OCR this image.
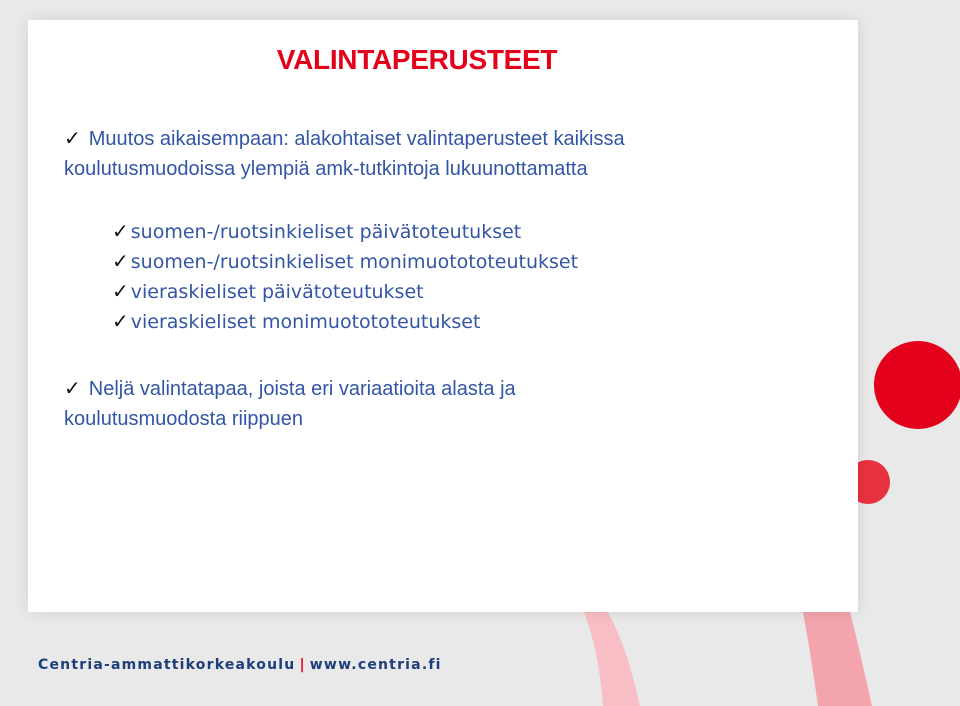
VALINTAPERUSTEET
✓ Muutos aikaisempaan: alakohtaiset valintaperusteet kaikissa
koulutusmuodoissa ylempiä amk-tutkintoja lukuunottamatta
✓ suomen-/ruotsinkieliset päivätoteutukset
✓ suomen-/ruotsinkieliset monimuotototeutukset
✓ vieraskieliset päivätoteutukset
✓ vieraskieliset monimuotototeutukset
✓ Neljä valintatapaa, joista eri variaatioita alasta ja
koulutusmuodosta riippuen
Centria-ammattikorkeakoulu | www.centria.fi
